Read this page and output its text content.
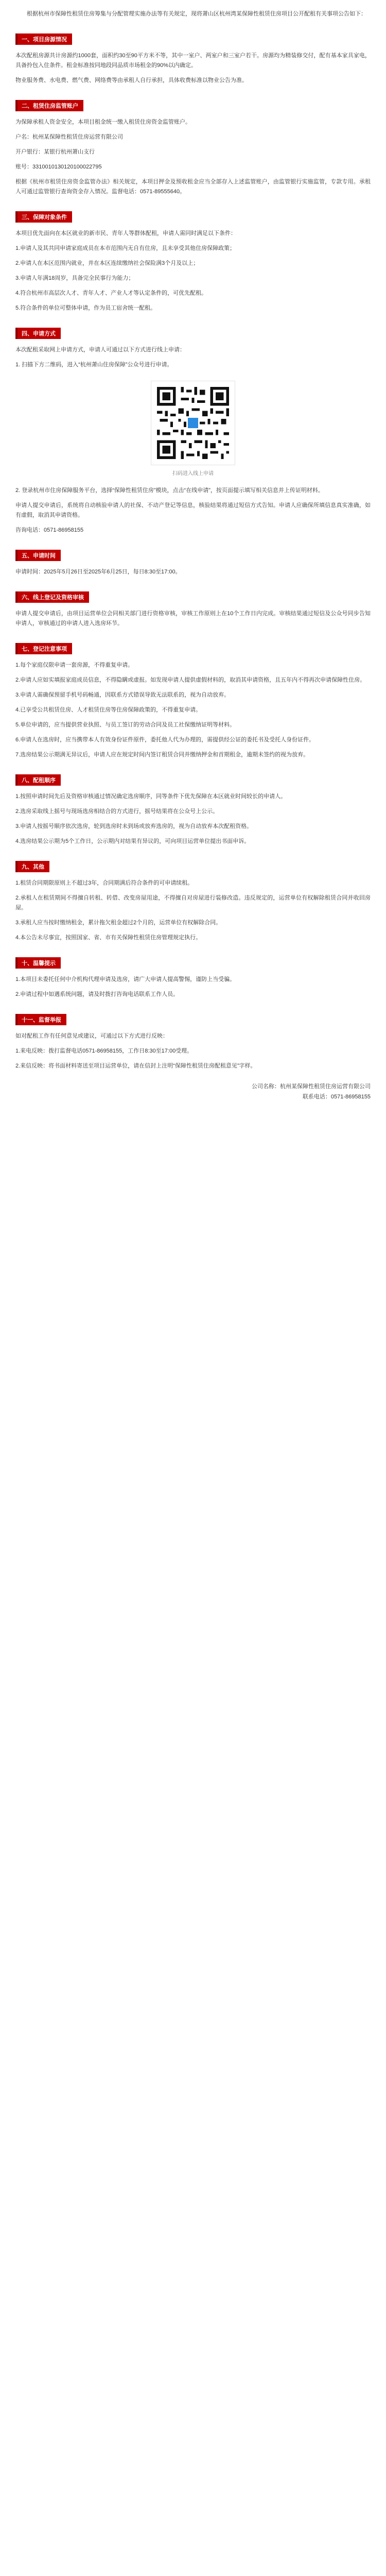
根据杭州市保障性租赁住房筹集与分配管理实施办法等有关规定，现将萧山区杭州湾某保障性租赁住房项目公开配租有关事项公告如下：

一、项目房源情况

本次配租房源共计房源约1000套，面积约30至90平方米不等，其中一室户、两室户和三室户若干。房源均为精装修交付，配有基本家具家电，具备拎包入住条件。租金标准按同地段同品质市场租金的90%以内确定。

物业服务费、水电费、燃气费、网络费等由承租人自行承担，具体收费标准以物业公告为准。

二、租赁住房监管账户

为保障承租人资金安全，本项目租金统一缴入租赁住房资金监管账户。

户名：杭州某保障性租赁住房运营有限公司

开户银行：某银行杭州萧山支行

账号：3310010130120100022795

根据《杭州市租赁住房资金监管办法》相关规定，本项目押金及预收租金应当全部存入上述监管账户，由监管银行实施监管，专款专用。承租人可通过监管银行查询资金存入情况。监督电话：0571-89555640。

三、保障对象条件

本项目优先面向在本区就业的新市民、青年人等群体配租，申请人需同时满足以下条件：

1.申请人及其共同申请家庭成员在本市范围内无自有住房，且未享受其他住房保障政策；

2.申请人在本区范围内就业，并在本区连续缴纳社会保险满3个月及以上；

3.申请人年满18周岁，具备完全民事行为能力；

4.符合杭州市高层次人才、青年人才、产业人才等认定条件的，可优先配租。

5.符合条件的单位可整体申请，作为员工宿舍统一配租。

四、申请方式

本次配租采取网上申请方式，申请人可通过以下方式进行线上申请：

1. 扫描下方二维码，进入“杭州萧山住房保障”公众号进行申请。

扫码进入线上申请

2. 登录杭州市住房保障服务平台，选择“保障性租赁住房”模块，点击“在线申请”，按页面提示填写相关信息并上传证明材料。

申请人提交申请后，系统将自动核验申请人的社保、不动产登记等信息，核验结果将通过短信方式告知。申请人应确保所填信息真实准确，如有虚假，取消其申请资格。

咨询电话：0571-86958155

五、申请时间

申请时间：2025年5月26日至2025年6月25日，每日8:30至17:00。

六、线上登记及资格审核

申请人提交申请后，由项目运营单位会同相关部门进行资格审核，审核工作原则上在10个工作日内完成。审核结果通过短信及公众号同步告知申请人，审核通过的申请人进入选房环节。

七、登记注意事项

1.每个家庭仅限申请一套房源，不得重复申请。

2.申请人应如实填报家庭成员信息，不得隐瞒或虚报。如发现申请人提供虚假材料的，取消其申请资格，且五年内不得再次申请保障性住房。

3.申请人需确保预留手机号码畅通，因联系方式错误导致无法联系的，视为自动放弃。

4.已享受公共租赁住房、人才租赁住房等住房保障政策的，不得重复申请。

5.单位申请的，应当提供营业执照、与员工签订的劳动合同及员工社保缴纳证明等材料。

6.申请人在选房时，应当携带本人有效身份证件原件，委托他人代为办理的，需提供经公证的委托书及受托人身份证件。

7.选房结果公示期满无异议后，申请人应在规定时间内签订租赁合同并缴纳押金和首期租金，逾期未签约的视为放弃。

八、配租顺序

1.按照申请时间先后及资格审核通过情况确定选房顺序，同等条件下优先保障在本区就业时间较长的申请人。

2.选房采取线上摇号与现场选房相结合的方式进行，摇号结果将在公众号上公示。

3.申请人按摇号顺序依次选房，轮到选房时未到场或放弃选房的，视为自动放弃本次配租资格。

4.选房结果公示期为5个工作日，公示期内对结果有异议的，可向项目运营单位提出书面申诉。

九、其他

1.租赁合同期限原则上不超过3年，合同期满后符合条件的可申请续租。

2.承租人在租赁期间不得擅自转租、转借、改变房屋用途，不得擅自对房屋进行装修改造。违反规定的，运营单位有权解除租赁合同并收回房屋。

3.承租人应当按时缴纳租金，累计拖欠租金超过2个月的，运营单位有权解除合同。

4.本公告未尽事宜，按照国家、省、市有关保障性租赁住房管理规定执行。

十、温馨提示

1.本项目未委托任何中介机构代理申请及选房，请广大申请人提高警惕，谨防上当受骗。

2.申请过程中如遇系统问题，请及时拨打咨询电话联系工作人员。

十一、监督举报

如对配租工作有任何意见或建议，可通过以下方式进行反映：

1.来电反映：拨打监督电话0571-86958155，工作日8:30至17:00受理。

2.来信反映：将书面材料寄送至项目运营单位，请在信封上注明“保障性租赁住房配租意见”字样。

公司名称：杭州某保障性租赁住房运营有限公司
联系电话：0571-86958155
